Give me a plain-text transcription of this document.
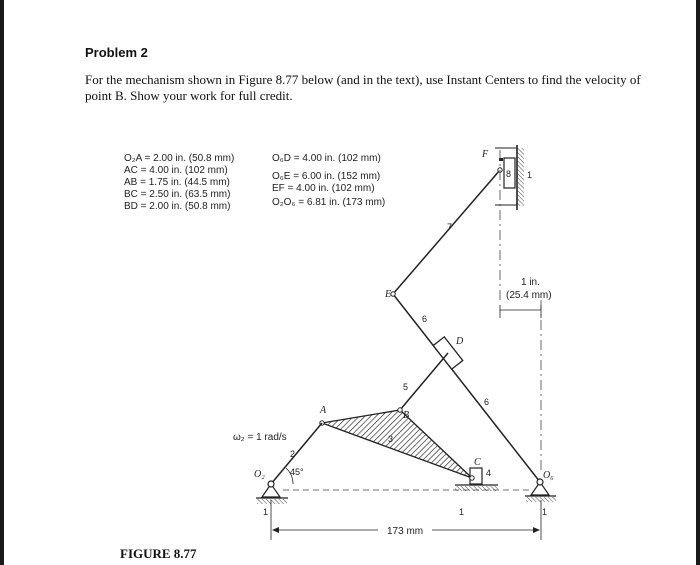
Problem 2
For the mechanism shown in Figure 8.77 below (and in the text), use Instant Centers to find the velocity of point B. Show your work for full credit.
O₂A = 2.00 in. (50.8 mm)
AC = 4.00 in. (102 mm)
AB = 1.75 in. (44.5 mm)
BC = 2.50 in. (63.5 mm)
BD = 2.00 in. (50.8 mm)
O₆D = 4.00 in. (102 mm)
O₆E = 6.00 in. (152 mm)
EF = 4.00 in. (102 mm)
O₂O₆ = 6.81 in. (173 mm)
F
E
D
A	B
C
O₂	O₆
ω₂ = 1 rad/s
45°
1	1	1
1
2
3
4
5
6
6
7
8
1 in.
(25.4 mm)
173 mm
FIGURE 8.77
